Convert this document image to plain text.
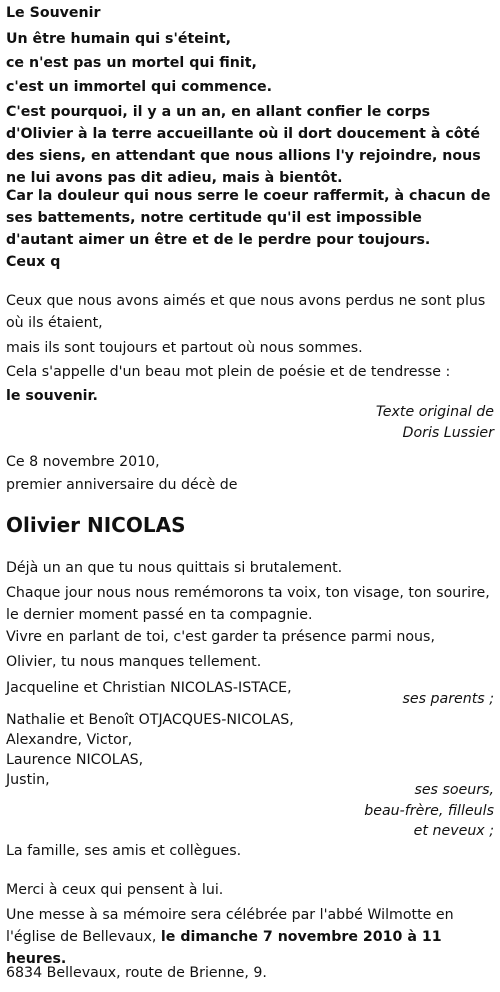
Le Souvenir

Un être humain qui s'éteint,

ce n'est pas un mortel qui finit,

c'est un immortel qui commence.

C'est pourquoi, il y a un an, en allant confier le corps d'Olivier à la terre accueillante où il dort doucement à côté des siens, en attendant que nous allions l'y rejoindre, nous ne lui avons pas dit adieu, mais à bientôt.

Car la douleur qui nous serre le coeur raffermit, à chacun de ses battements, notre certitude qu'il est impossible d'autant aimer un être et de le perdre pour toujours.

Ceux q

Ceux que nous avons aimés et que nous avons perdus ne sont plus où ils étaient,

mais ils sont toujours et partout où nous sommes.

Cela s'appelle d'un beau mot plein de poésie et de tendresse :

le souvenir.

Texte original de

Doris Lussier

Ce 8 novembre 2010,

premier anniversaire du décè de

Olivier NICOLAS

Déjà un an que tu nous quittais si brutalement.

Chaque jour nous nous remémorons ta voix, ton visage, ton sourire, le dernier moment passé en ta compagnie.

Vivre en parlant de toi, c'est garder ta présence parmi nous,

Olivier, tu nous manques tellement.

Jacqueline et Christian NICOLAS-ISTACE,

ses parents ;

Nathalie et Benoît OTJACQUES-NICOLAS,

Alexandre, Victor,

Laurence NICOLAS,

Justin,

ses soeurs,

beau-frère, filleuls

et neveux ;

La famille, ses amis et collègues.

Merci à ceux qui pensent à lui.

Une messe à sa mémoire sera célébrée par l'abbé Wilmotte en l'église de Bellevaux, le dimanche 7 novembre 2010 à 11 heures.

6834 Bellevaux, route de Brienne, 9.
